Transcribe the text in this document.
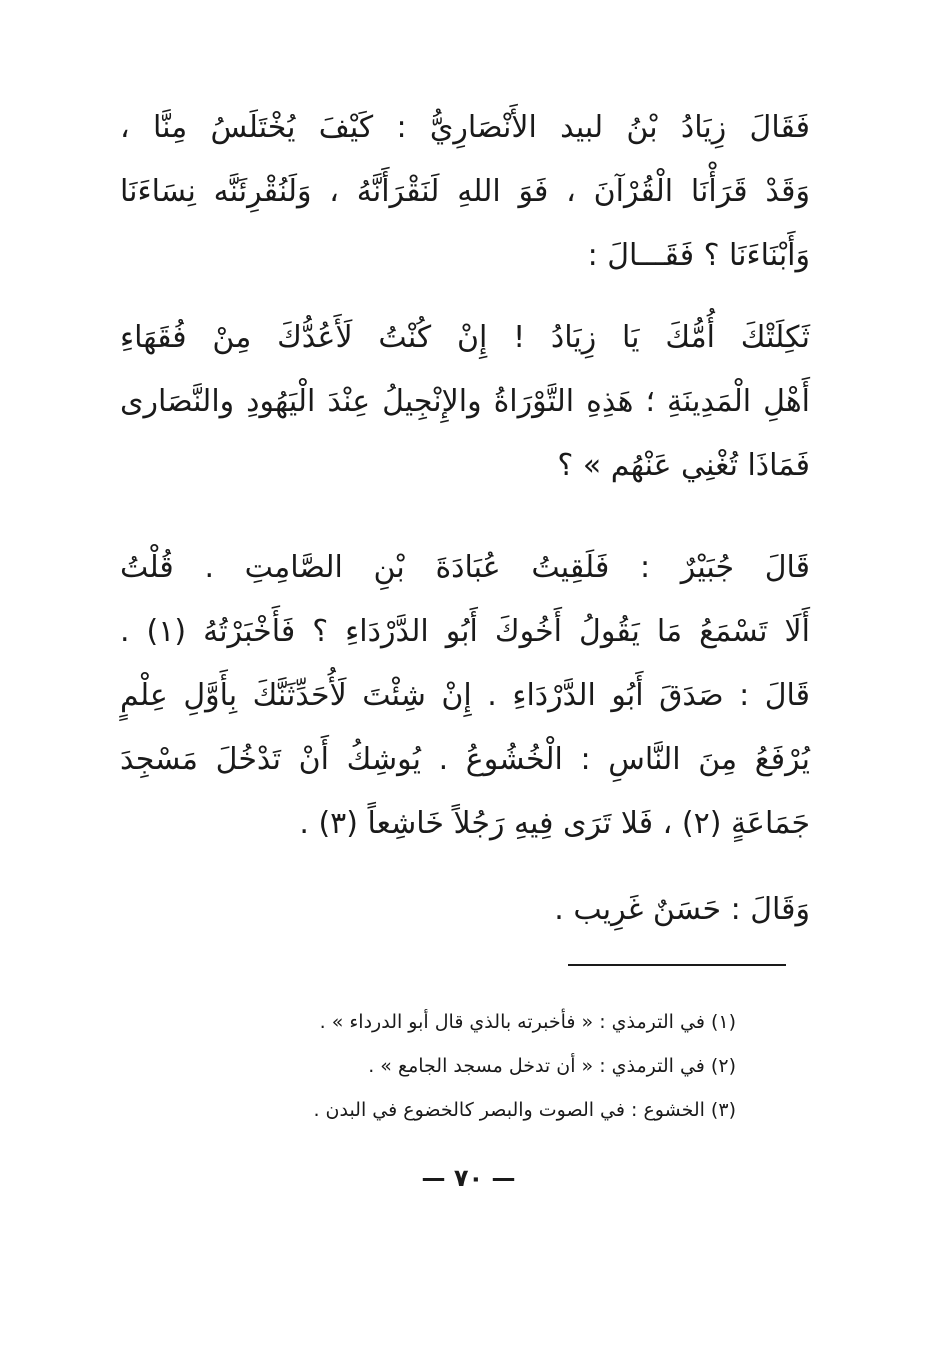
فَقَالَ زِيَادُ بْنُ لبيد الأَنْصَارِيُّ : كَيْفَ يُخْتَلَسُ مِنَّا ،
وَقَدْ قَرَأْنَا الْقُرْآنَ ، فَوَ اللهِ لَنَقْرَأَنَّهُ ، وَلَنُقْرِئَنَّه نِسَاءَنَا
وَأَبْنَاءَنَا ؟ فَقَـــالَ :
ثَكِلَتْكَ أُمُّكَ يَا زِيَادُ ! إِنْ كُنْتُ لَأَعُدُّكَ مِنْ فُقَهَاءِ
أَهْلِ الْمَدِينَةِ ؛ هَذِهِ التَّوْرَاةُ والإِنْجِيلُ عِنْدَ الْيَهُودِ والنَّصَارى
فَمَاذَا تُغْنِي عَنْهُم » ؟
قَالَ جُبَيْرٌ : فَلَقِيتُ عُبَادَةَ بْنِ الصَّامِتِ . قُلْتُ
أَلَا تَسْمَعُ مَا يَقُولُ أَخُوكَ أَبُو الدَّرْدَاءِ ؟ فَأَخْبَرْتُهُ (١) .
قَالَ : صَدَقَ أَبُو الدَّرْدَاءِ . إِنْ شِئْتَ لَأُحَدِّثَنَّكَ بِأَوَّلِ عِلْمٍ
يُرْفَعُ مِنَ النَّاسِ : الْخُشُوعُ . يُوشِكُ أَنْ تَدْخُلَ مَسْجِدَ
جَمَاعَةٍ (٢) ، فَلا تَرَى فِيهِ رَجُلاً خَاشِعاً (٣) .
وَقَالَ : حَسَنٌ غَرِيب .
(١) في الترمذي : « فأخبرته بالذي قال أبو الدرداء » .
(٢) في الترمذي : « أن تدخل مسجد الجامع » .
(٣) الخشوع : في الصوت والبصر كالخضوع في البدن .
— ٧٠ —
